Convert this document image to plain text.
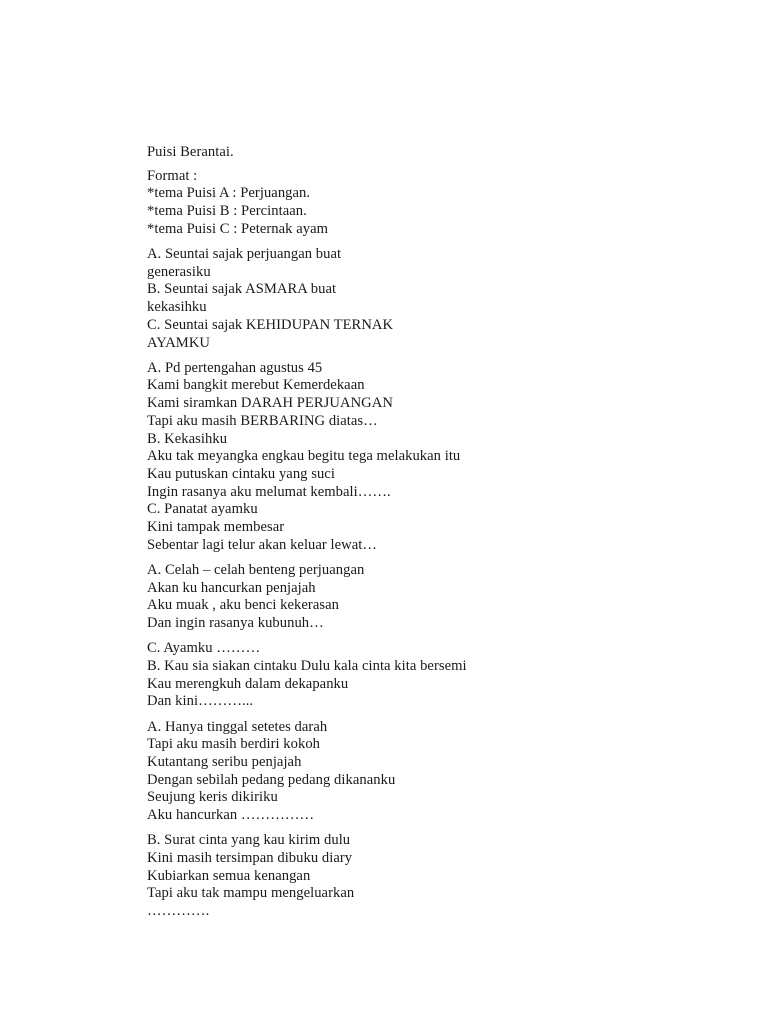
Puisi Berantai.
Format :
*tema Puisi A : Perjuangan.
*tema Puisi B : Percintaan.
*tema Puisi C : Peternak ayam
A. Seuntai sajak perjuangan buat
generasiku
B. Seuntai sajak ASMARA buat
kekasihku
C. Seuntai sajak KEHIDUPAN TERNAK
AYAMKU
A. Pd pertengahan agustus 45
Kami bangkit merebut Kemerdekaan
Kami siramkan DARAH PERJUANGAN
Tapi aku masih BERBARING diatas…
B. Kekasihku
Aku tak meyangka engkau begitu tega melakukan itu
Kau putuskan cintaku yang suci
Ingin rasanya aku melumat kembali…….
C. Panatat ayamku
Kini tampak membesar
Sebentar lagi telur akan keluar lewat…
A. Celah – celah benteng perjuangan
Akan ku hancurkan penjajah
Aku muak , aku benci kekerasan
Dan ingin rasanya kubunuh…
C. Ayamku ………
B. Kau sia siakan cintaku Dulu kala cinta kita bersemi
Kau merengkuh dalam dekapanku
Dan kini………...
A. Hanya tinggal setetes darah
Tapi aku masih berdiri kokoh
Kutantang seribu penjajah
Dengan sebilah pedang pedang dikananku
Seujung keris dikiriku
Aku hancurkan ……………
B. Surat cinta yang kau kirim dulu
Kini masih tersimpan dibuku diary
Kubiarkan semua kenangan
Tapi aku tak mampu mengeluarkan
………….
